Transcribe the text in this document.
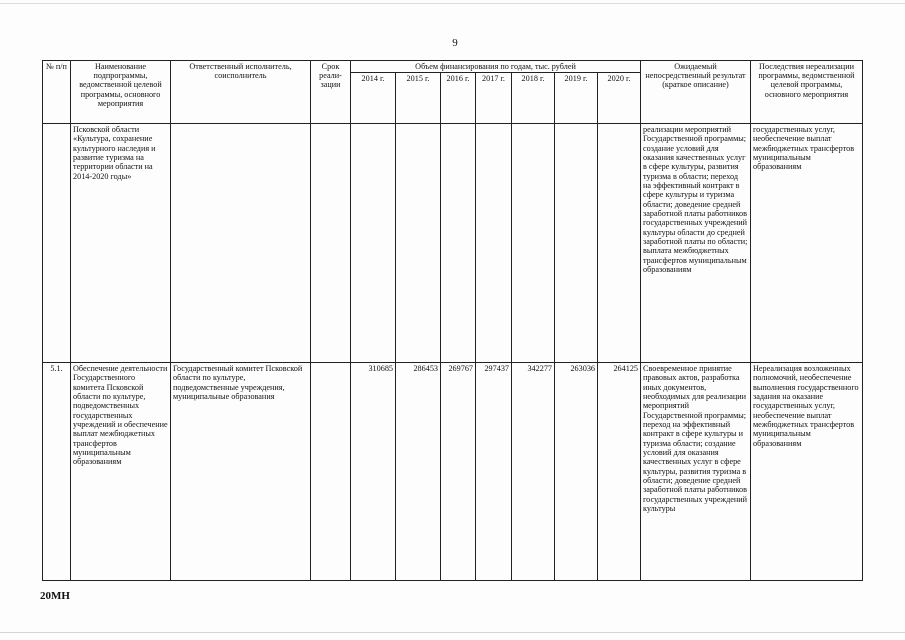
9
№ п/п	Наименование подпрограммы, ведомственной целевой программы, основного мероприятия	Ответственный исполнитель, соисполнитель	Срок реали-зации	Объем финансирования по годам, тыс. рублей							Ожидаемый непосредственный результат (краткое описание)	Последствия нереализации программы, ведомственной целевой программы, основного мероприятия
				2014 г.	2015 г.	2016 г.	2017 г.	2018 г.	2019 г.	2020 г.		
	Псковской области «Культура, сохранение культурного наследия и развитие туризма на территории области на 2014-2020 годы»										реализации мероприятий Государственной программы; создание условий для оказания качественных услуг в сфере культуры, развития туризма в области; переход на эффективный контракт в сфере культуры и туризма области; доведение средней заработной платы работников государственных учреждений культуры области до средней заработной платы по области; выплата межбюджетных трансфертов муниципальным образованиям	государственных услуг, необеспечение выплат межбюджетных трансфертов муниципальным образованиям
5.1.	Обеспечение деятельности Государственного комитета Псковской области по культуре, подведомственных государственных учреждений и обеспечение выплат межбюджетных трансфертов муниципальным образованиям	Государственный комитет Псковской области по культуре, подведомственные учреждения, муниципальные образования		310685	286453	269767	297437	342277	263036	264125	Своевременное принятие правовых актов, разработка иных документов, необходимых для реализации мероприятий Государственной программы; переход на эффективный контракт в сфере культуры и туризма области; создание условий для оказания качественных услуг в сфере культуры, развития туризма в области; доведение средней заработной платы работников государственных учреждений культуры	Нереализация возложенных полномочий, необеспечение выполнения государственного задания на оказание государственных услуг, необеспечение выплат межбюджетных трансфертов муниципальным образованиям
20МН
